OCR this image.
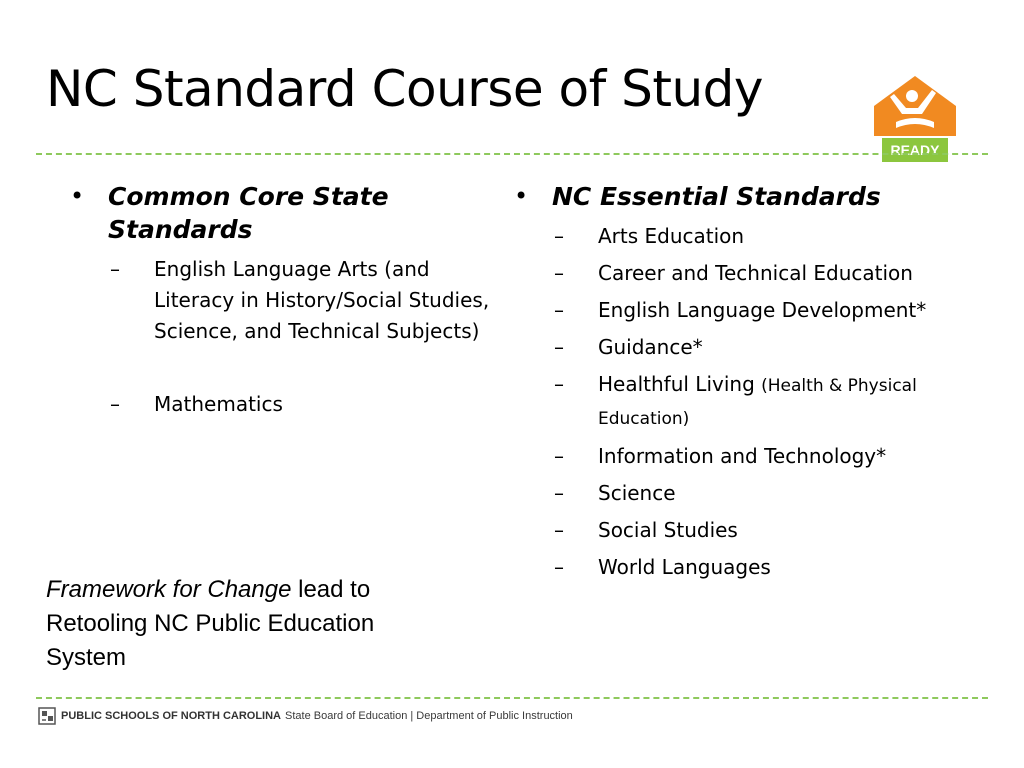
NC Standard Course of Study
READY
• Common Core State Standards
–	English Language Arts (and Literacy in History/Social Studies, Science, and Technical Subjects)
–	Mathematics
• NC Essential Standards
–	Arts Education
–	Career and Technical Education
–	English Language Development*
–	Guidance*
–	Healthful Living (Health & Physical Education)
–	Information and Technology*
–	Science
–	Social Studies
–	World Languages
Framework for Change lead to Retooling NC Public Education System
PUBLIC SCHOOLS OF NORTH CAROLINA State Board of Education | Department of Public Instruction
